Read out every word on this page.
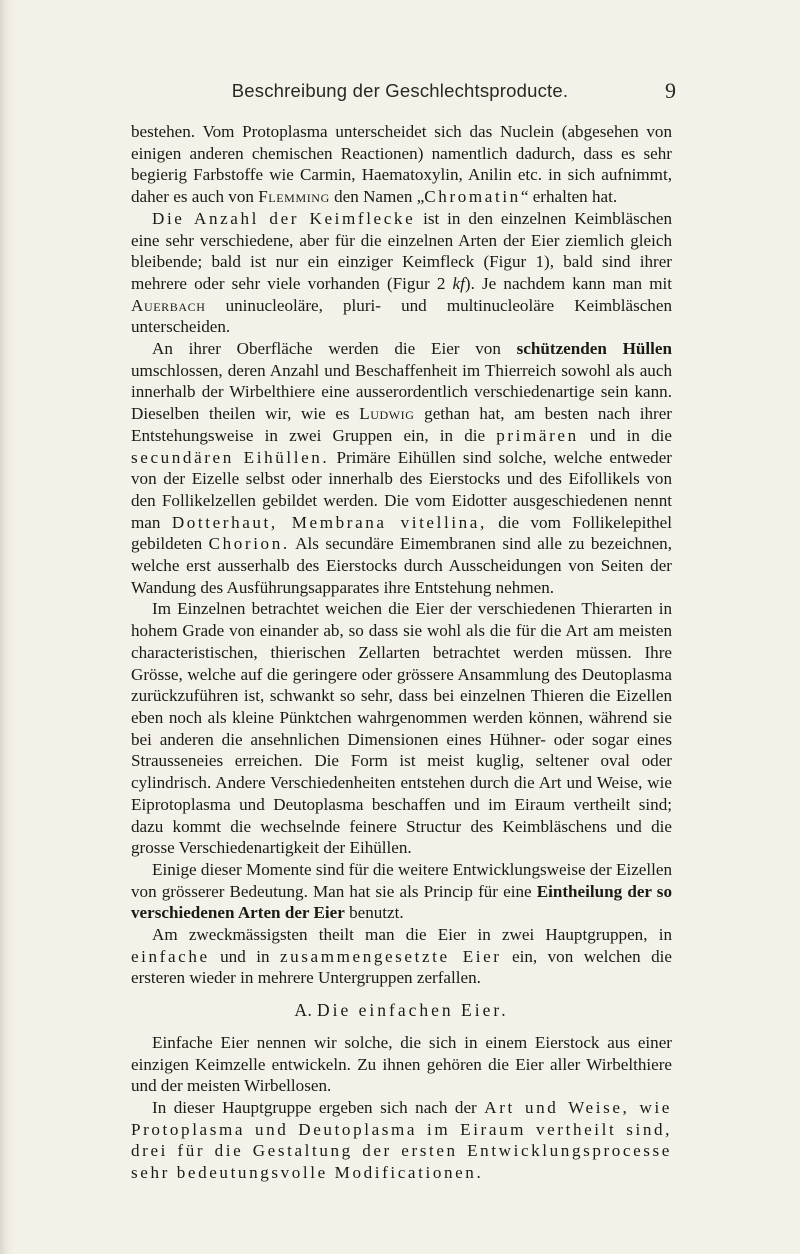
Beschreibung der Geschlechtsproducte.	9

bestehen. Vom Protoplasma unterscheidet sich das Nuclein (abgesehen von einigen anderen chemischen Reactionen) namentlich dadurch, dass es sehr begierig Farbstoffe wie Carmin, Haematoxylin, Anilin etc. in sich aufnimmt, daher es auch von Flemming den Namen „Chromatin“ erhalten hat.

Die Anzahl der Keimflecke ist in den einzelnen Keimbläschen eine sehr verschiedene, aber für die einzelnen Arten der Eier ziemlich gleich bleibende; bald ist nur ein einziger Keimfleck (Figur 1), bald sind ihrer mehrere oder sehr viele vorhanden (Figur 2 kf). Je nachdem kann man mit Auerbach uninucleoläre, pluri- und multinucleoläre Keimbläschen unterscheiden.

An ihrer Oberfläche werden die Eier von schützenden Hüllen umschlossen, deren Anzahl und Beschaffenheit im Thierreich sowohl als auch innerhalb der Wirbelthiere eine ausserordentlich verschiedenartige sein kann. Dieselben theilen wir, wie es Ludwig gethan hat, am besten nach ihrer Entstehungsweise in zwei Gruppen ein, in die primären und in die secundären Eihüllen. Primäre Eihüllen sind solche, welche entweder von der Eizelle selbst oder innerhalb des Eierstocks und des Eifollikels von den Follikelzellen gebildet werden. Die vom Eidotter ausgeschiedenen nennt man Dotterhaut, Membrana vitellina, die vom Follikelepithel gebildeten Chorion. Als secundäre Eimembranen sind alle zu bezeichnen, welche erst ausserhalb des Eierstocks durch Ausscheidungen von Seiten der Wandung des Ausführungsapparates ihre Entstehung nehmen.

Im Einzelnen betrachtet weichen die Eier der verschiedenen Thierarten in hohem Grade von einander ab, so dass sie wohl als die für die Art am meisten characteristischen, thierischen Zellarten betrachtet werden müssen. Ihre Grösse, welche auf die geringere oder grössere Ansammlung des Deutoplasma zurückzuführen ist, schwankt so sehr, dass bei einzelnen Thieren die Eizellen eben noch als kleine Pünktchen wahrgenommen werden können, während sie bei anderen die ansehnlichen Dimensionen eines Hühner- oder sogar eines Strausseneies erreichen. Die Form ist meist kuglig, seltener oval oder cylindrisch. Andere Verschiedenheiten entstehen durch die Art und Weise, wie Eiprotoplasma und Deutoplasma beschaffen und im Eiraum vertheilt sind; dazu kommt die wechselnde feinere Structur des Keimbläschens und die grosse Verschiedenartigkeit der Eihüllen.

Einige dieser Momente sind für die weitere Entwicklungsweise der Eizellen von grösserer Bedeutung. Man hat sie als Princip für eine Eintheilung der so verschiedenen Arten der Eier benutzt.

Am zweckmässigsten theilt man die Eier in zwei Hauptgruppen, in einfache und in zusammengesetzte Eier ein, von welchen die ersteren wieder in mehrere Untergruppen zerfallen.

A. Die einfachen Eier.

Einfache Eier nennen wir solche, die sich in einem Eierstock aus einer einzigen Keimzelle entwickeln. Zu ihnen gehören die Eier aller Wirbelthiere und der meisten Wirbellosen.

In dieser Hauptgruppe ergeben sich nach der Art und Weise, wie Protoplasma und Deutoplasma im Eiraum vertheilt sind, drei für die Gestaltung der ersten Entwicklungsprocesse sehr bedeutungsvolle Modificationen.
